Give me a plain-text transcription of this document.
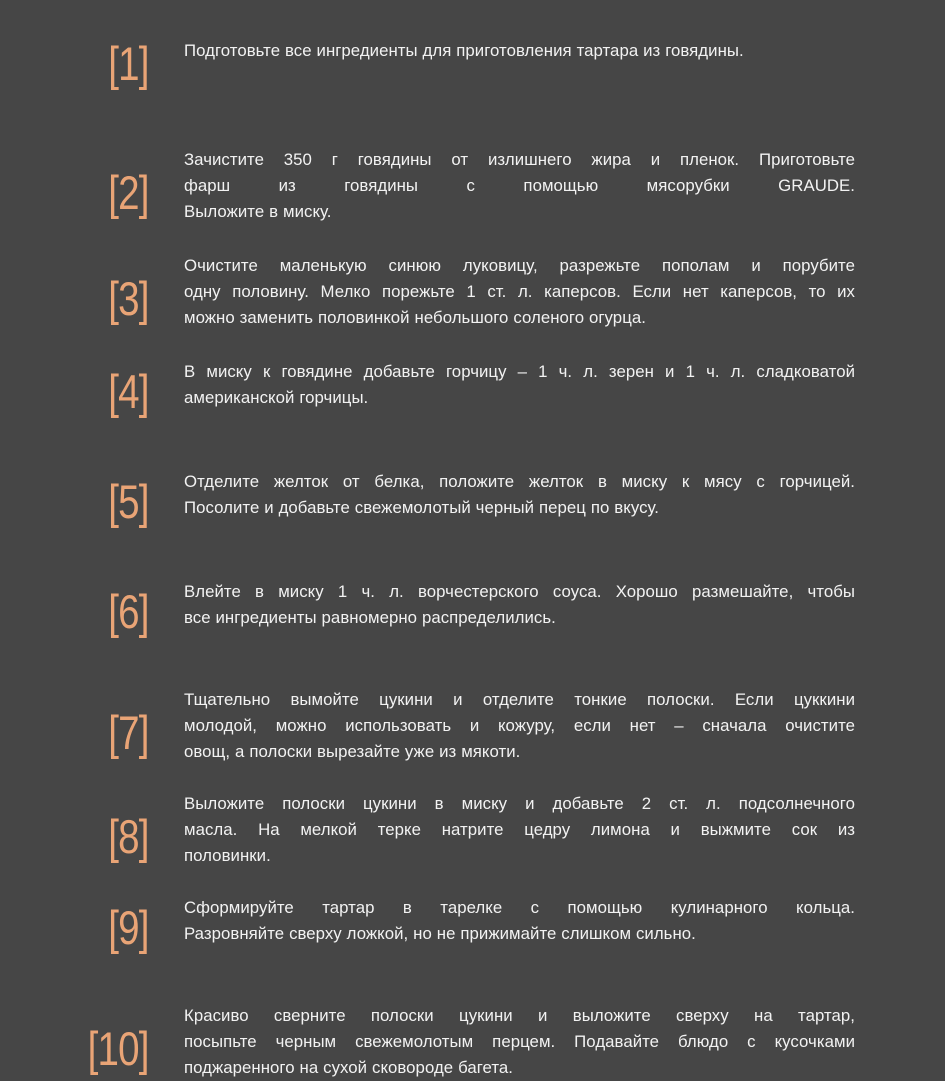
[1]	Подготовьте все ингредиенты для приготовления тартара из говядины.
[2]
Зачистите 350 г говядины от излишнего жира и пленок. Приготовьте
фарш из говядины с помощью мясорубки GRAUDE.
Выложите в миску.
[3]
Очистите маленькую синюю луковицу, разрежьте пополам и порубите
одну половину. Мелко порежьте 1 ст. л. каперсов. Если нет каперсов, то их
можно заменить половинкой небольшого соленого огурца.
[4]	В миску к говядине добавьте горчицу – 1 ч. л. зерен и 1 ч. л. сладковатой
американской горчицы.
[5]	Отделите желток от белка, положите желток в миску к мясу с горчицей.
Посолите и добавьте свежемолотый черный перец по вкусу.
[6]	Влейте в миску 1 ч. л. ворчестерского соуса. Хорошо размешайте, чтобы
все ингредиенты равномерно распределились.
[7]
Тщательно вымойте цукини и отделите тонкие полоски. Если цуккини
молодой, можно использовать и кожуру, если нет – сначала очистите
овощ, а полоски вырезайте уже из мякоти.
[8]
Выложите полоски цукини в миску и добавьте 2 ст. л. подсолнечного
масла. На мелкой терке натрите цедру лимона и выжмите сок из
половинки.
[9]	Сформируйте тартар в тарелке с помощью кулинарного кольца.
Разровняйте сверху ложкой, но не прижимайте слишком сильно.
[10]
Красиво сверните полоски цукини и выложите сверху на тартар,
посыпьте черным свежемолотым перцем. Подавайте блюдо с кусочками
поджаренного на сухой сковороде багета.
